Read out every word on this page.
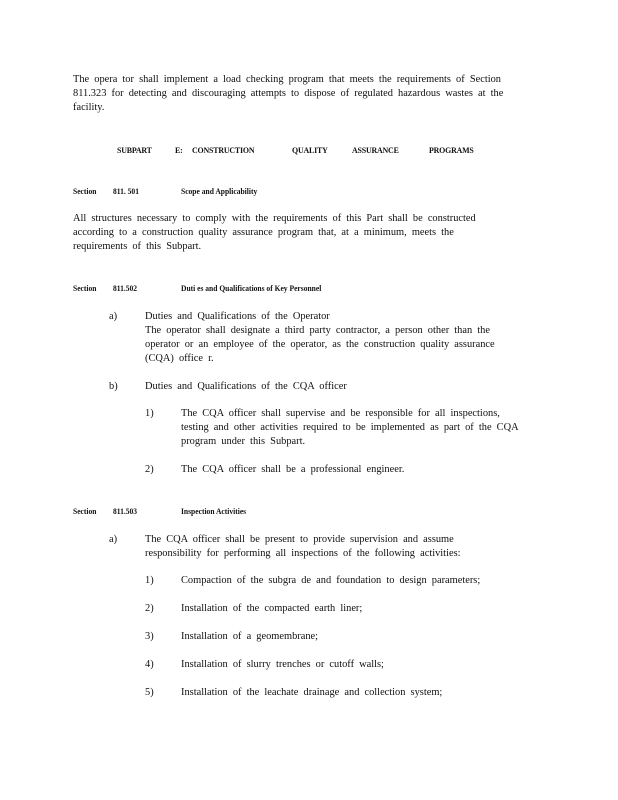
The opera tor shall implement a load checking program that meets the requirements of Section
811.323 for detecting and discouraging attempts to dispose of regulated hazardous wastes at the
facility.
SUBPART	E: CONSTRUCTION	QUALITY	ASSURANCE	PROGRAMS
Section 811. 501	Scope and Applicability
All structures necessary to comply with the requirements of this Part shall be constructed
according to a construction quality assurance program that, at a minimum, meets the
requirements of this Subpart.
Section 811.502	Duti es and Qualifications of Key Personnel
a)	Duties and Qualifications of the Operator
The operator shall designate a third party contractor, a person other than the
operator or an employee of the operator, as the construction quality assurance
(CQA) office r.
b)	Duties and Qualifications of the CQA officer
1)	The CQA officer shall supervise and be responsible for all inspections,
testing and other activities required to be implemented as part of the CQA
program under this Subpart.
2)	The CQA officer shall be a professional engineer.
Section 811.503	Inspection Activities
a)	The CQA officer shall be present to provide supervision and assume
responsibility for performing all inspections of the following activities:
1)	Compaction of the subgra de and foundation to design parameters;
2)	Installation of the compacted earth liner;
3)	Installation of a geomembrane;
4)	Installation of slurry trenches or cutoff walls;
5)	Installation of the leachate drainage and collection system;
